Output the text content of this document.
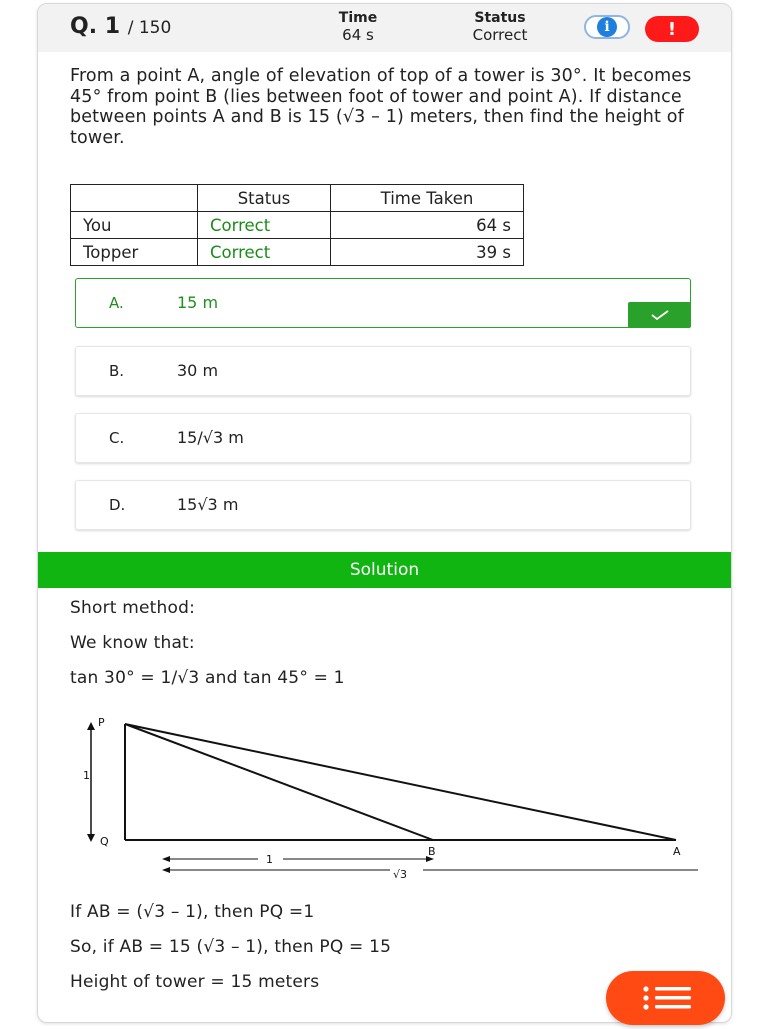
Q. 1 / 150	Time
64 s
Status
Correct	i	!
From a point A, angle of elevation of top of a tower is 30°. It becomes 45° from point B (lies between foot of tower and point A). If distance between points A and B is 15 (√3 – 1) meters, then find the height of tower.
	Status	Time Taken
You	Correct	64 s
Topper	Correct	39 s
A.	15 m
B.	30 m
C.	15/√3 m
D.	15√3 m
Solution
Short method:
We know that:
tan 30° = 1/√3 and tan 45° = 1
1
P
Q
B	A
1
√3
If AB = (√3 – 1), then PQ =1
So, if AB = 15 (√3 – 1), then PQ = 15
Height of tower = 15 meters
